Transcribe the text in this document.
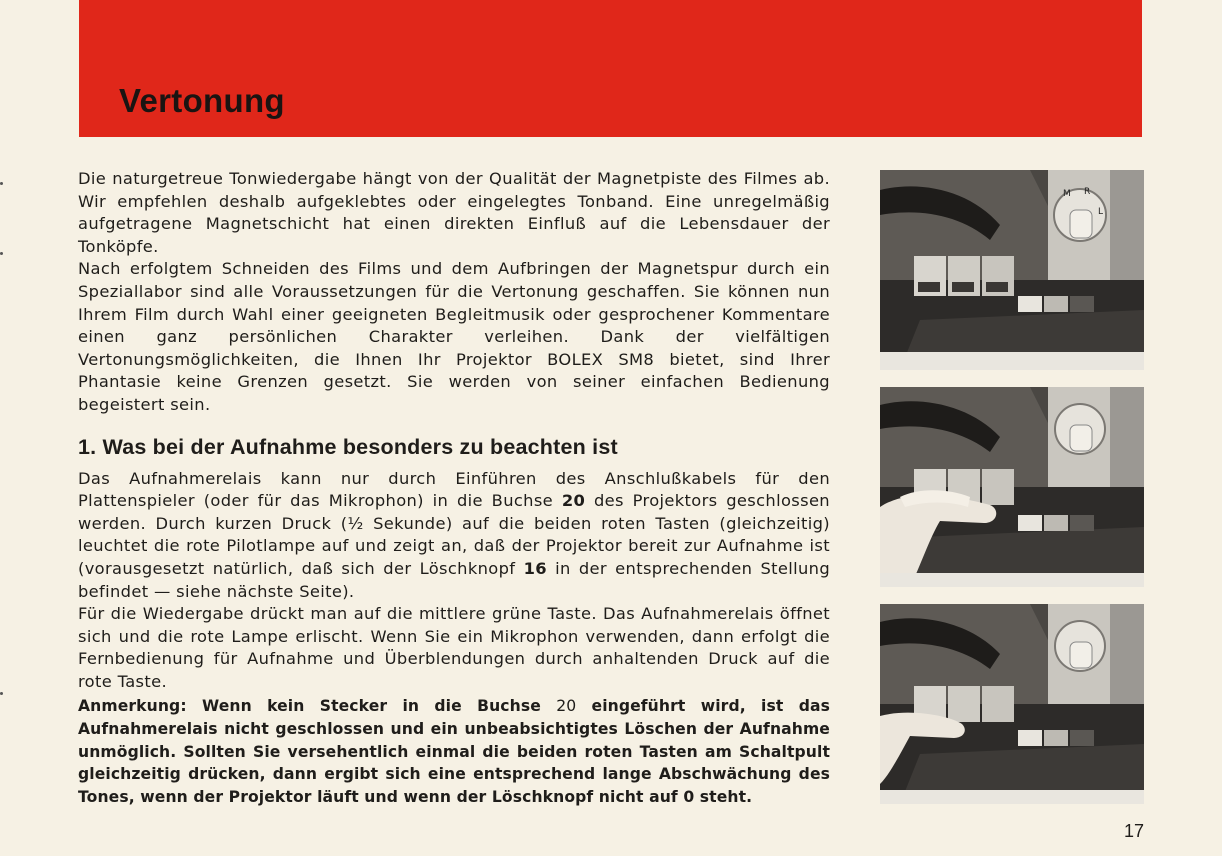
Vertonung

Die naturgetreue Tonwiedergabe hängt von der Qualität der Magnetpiste des Filmes ab. Wir empfehlen deshalb aufgeklebtes oder eingelegtes Tonband. Eine unregelmäßig aufgetragene Magnetschicht hat einen direkten Einfluß auf die Lebensdauer der Tonköpfe.

Nach erfolgtem Schneiden des Films und dem Aufbringen der Magnetspur durch ein Speziallabor sind alle Voraussetzungen für die Vertonung geschaffen. Sie können nun Ihrem Film durch Wahl einer geeigneten Begleitmusik oder gesprochener Kommentare einen ganz persönlichen Charakter verleihen. Dank der vielfältigen Vertonungsmöglichkeiten, die Ihnen Ihr Projektor BOLEX SM8 bietet, sind Ihrer Phantasie keine Grenzen gesetzt. Sie werden von seiner einfachen Bedienung begeistert sein.

1. Was bei der Aufnahme besonders zu beachten ist

Das Aufnahmerelais kann nur durch Einführen des Anschlußkabels für den Plattenspieler (oder für das Mikrophon) in die Buchse 20 des Projektors geschlossen werden. Durch kurzen Druck (½ Sekunde) auf die beiden roten Tasten (gleichzeitig) leuchtet die rote Pilotlampe auf und zeigt an, daß der Projektor bereit zur Aufnahme ist (vorausgesetzt natürlich, daß sich der Löschknopf 16 in der entsprechenden Stellung befindet — siehe nächste Seite).

Für die Wiedergabe drückt man auf die mittlere grüne Taste. Das Aufnahmerelais öffnet sich und die rote Lampe erlischt. Wenn Sie ein Mikrophon verwenden, dann erfolgt die Fernbedienung für Aufnahme und Überblendungen durch anhaltenden Druck auf die rote Taste.

Anmerkung: Wenn kein Stecker in die Buchse 20 eingeführt wird, ist das Aufnahmerelais nicht geschlossen und ein unbeabsichtigtes Löschen der Aufnahme unmöglich. Sollten Sie versehentlich einmal die beiden roten Tasten am Schaltpult gleichzeitig drücken, dann ergibt sich eine entsprechend lange Abschwächung des Tones, wenn der Projektor läuft und wenn der Löschknopf nicht auf 0 steht.

M R
L
17
